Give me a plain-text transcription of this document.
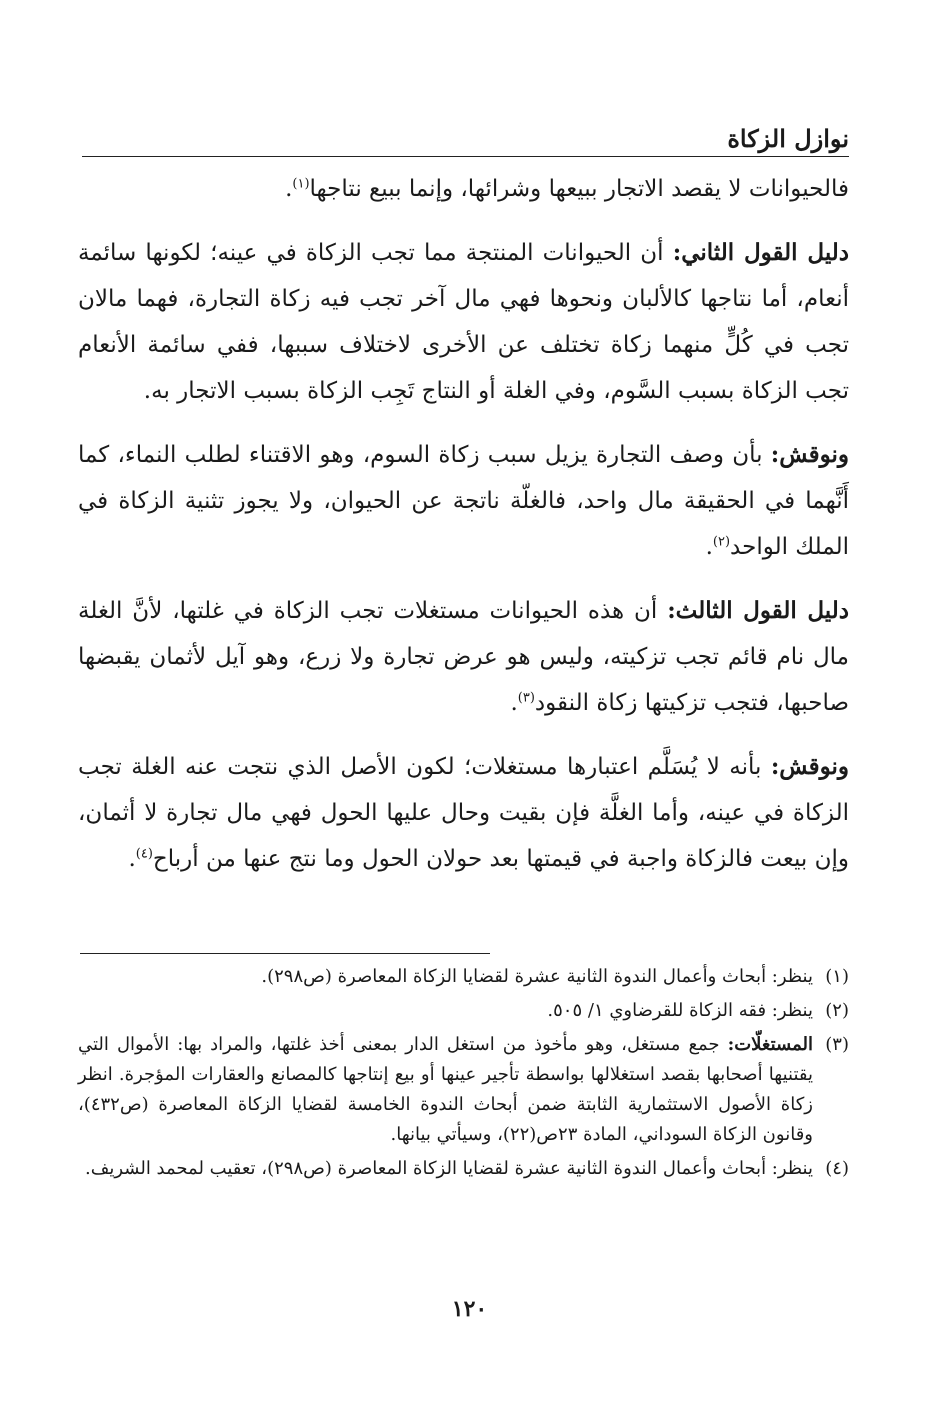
نوازل الزكاة

فالحيوانات لا يقصد الاتجار ببيعها وشرائها، وإنما ببيع نتاجها$^{(١)}$.

دليل القول الثاني: أن الحيوانات المنتجة مما تجب الزكاة في عينه؛ لكونها سائمة أنعام، أما نتاجها كالألبان ونحوها فهي مال آخر تجب فيه زكاة التجارة، فهما مالان تجب في كُلٍّ منهما زكاة تختلف عن الأخرى لاختلاف سببها، ففي سائمة الأنعام تجب الزكاة بسبب السَّوم، وفي الغلة أو النتاج تَجِب الزكاة بسبب الاتجار به.

ونوقش: بأن وصف التجارة يزيل سبب زكاة السوم، وهو الاقتناء لطلب النماء، كما أَنَّهما في الحقيقة مال واحد، فالغلّة ناتجة عن الحيوان، ولا يجوز تثنية الزكاة في الملك الواحد$^{(٢)}$.

دليل القول الثالث: أن هذه الحيوانات مستغلات تجب الزكاة في غلتها، لأنَّ الغلة مال نام قائم تجب تزكيته، وليس هو عرض تجارة ولا زرع، وهو آيل لأثمان يقبضها صاحبها، فتجب تزكيتها زكاة النقود$^{(٣)}$.

ونوقش: بأنه لا يُسَلَّم اعتبارها مستغلات؛ لكون الأصل الذي نتجت عنه الغلة تجب الزكاة في عينه، وأما الغلَّة فإن بقيت وحال عليها الحول فهي مال تجارة لا أثمان، وإن بيعت فالزكاة واجبة في قيمتها بعد حولان الحول وما نتج عنها من أرباح$^{(٤)}$.

(١)
ينظر: أبحاث وأعمال الندوة الثانية عشرة لقضايا الزكاة المعاصرة (ص٢٩٨).
(٢)
ينظر: فقه الزكاة للقرضاوي ١/ ٥٠٥.
(٣)
المستغلّات: جمع مستغل، وهو مأخوذ من استغل الدار بمعنى أخذ غلتها، والمراد بها: الأموال التي يقتنيها أصحابها بقصد استغلالها بواسطة تأجير عينها أو بيع إنتاجها كالمصانع والعقارات المؤجرة. انظر زكاة الأصول الاستثمارية الثابتة ضمن أبحاث الندوة الخامسة لقضايا الزكاة المعاصرة (ص٤٣٢)، وقانون الزكاة السوداني، المادة ٢٣ص(٢٢)، وسيأتي بيانها.
(٤)
ينظر: أبحاث وأعمال الندوة الثانية عشرة لقضايا الزكاة المعاصرة (ص٢٩٨)، تعقيب لمحمد الشريف.
١٢٠
